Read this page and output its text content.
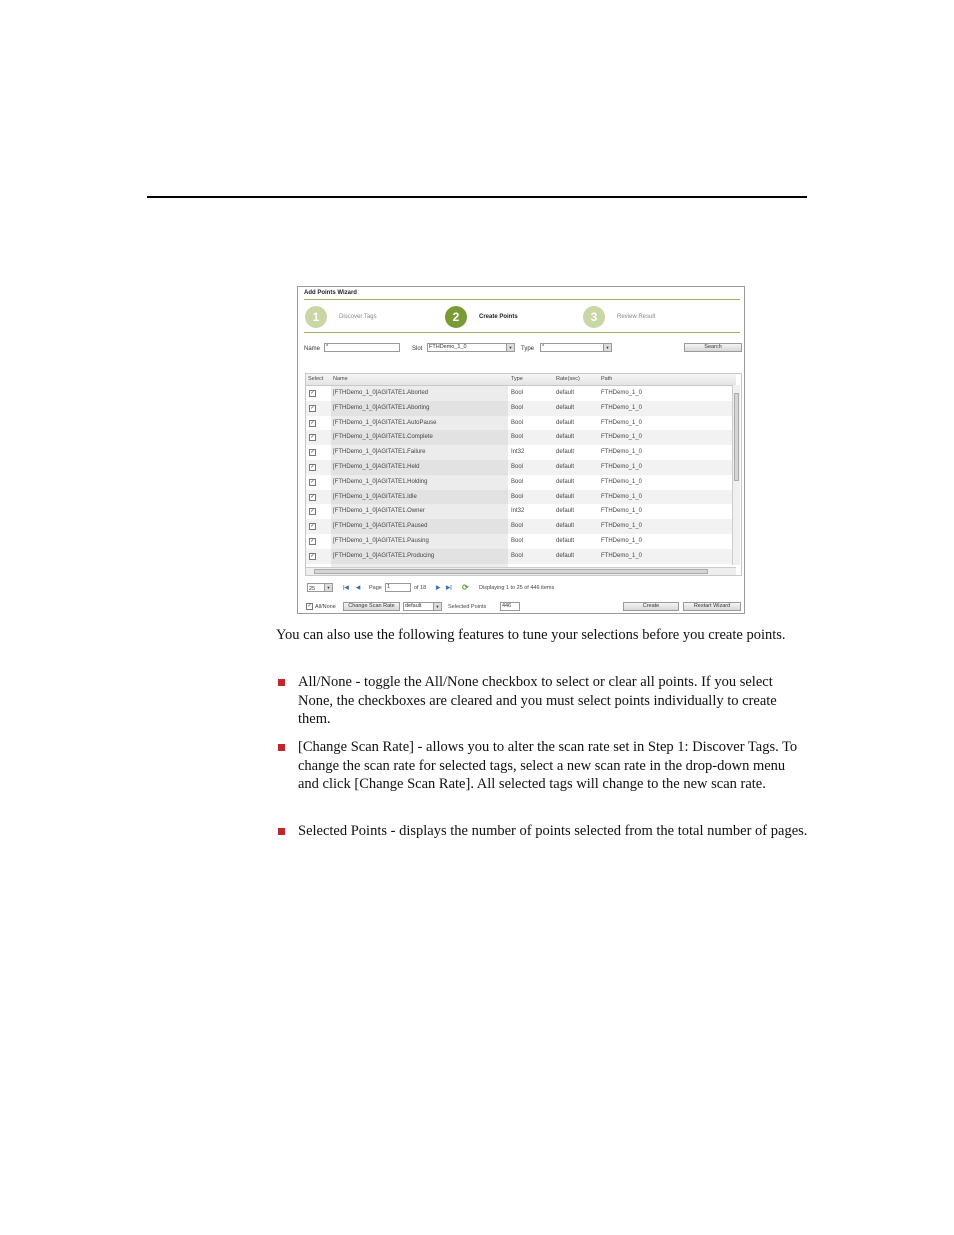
Add Points Wizard
1	Discover Tags	2	Create Points	3	Review Result
Name	*	Slot	FTHDemo_1_0	▼ Type	*	▼	Search
Select Name	Type	Rate(sec)	Path
✓	[FTHDemo_1_0]AGITATE1.Aborted	Bool	default	FTHDemo_1_0
✓	[FTHDemo_1_0]AGITATE1.Aborting	Bool	default	FTHDemo_1_0
✓	[FTHDemo_1_0]AGITATE1.AutoPause	Bool	default	FTHDemo_1_0
✓	[FTHDemo_1_0]AGITATE1.Complete	Bool	default	FTHDemo_1_0
✓	[FTHDemo_1_0]AGITATE1.Failure	Int32	default	FTHDemo_1_0
✓	[FTHDemo_1_0]AGITATE1.Held	Bool	default	FTHDemo_1_0
✓	[FTHDemo_1_0]AGITATE1.Holding	Bool	default	FTHDemo_1_0
✓	[FTHDemo_1_0]AGITATE1.Idle	Bool	default	FTHDemo_1_0
✓	[FTHDemo_1_0]AGITATE1.Owner	Int32	default	FTHDemo_1_0
✓	[FTHDemo_1_0]AGITATE1.Paused	Bool	default	FTHDemo_1_0
✓	[FTHDemo_1_0]AGITATE1.Pausing	Bool	default	FTHDemo_1_0
✓	[FTHDemo_1_0]AGITATE1.Producing	Bool	default	FTHDemo_1_0
25	▼ |◀ ◀ Page 1	of 18 ▶ ▶| ⟳ Displaying 1 to 25 of 446 items
✓ All/None	Change Scan Rate	default	▼ Selected Points	446	Create	Restart Wizard
You can also use the following features to tune your selections before you create points.
All/None - toggle the All/None checkbox to select or clear all points. If you select None, the checkboxes are cleared and you must select points individually to create them.
[Change Scan Rate] - allows you to alter the scan rate set in Step 1: Discover Tags. To change the scan rate for selected tags, select a new scan rate in the drop-down menu and click [Change Scan Rate]. All selected tags will change to the new scan rate.
Selected Points - displays the number of points selected from the total number of pages.
